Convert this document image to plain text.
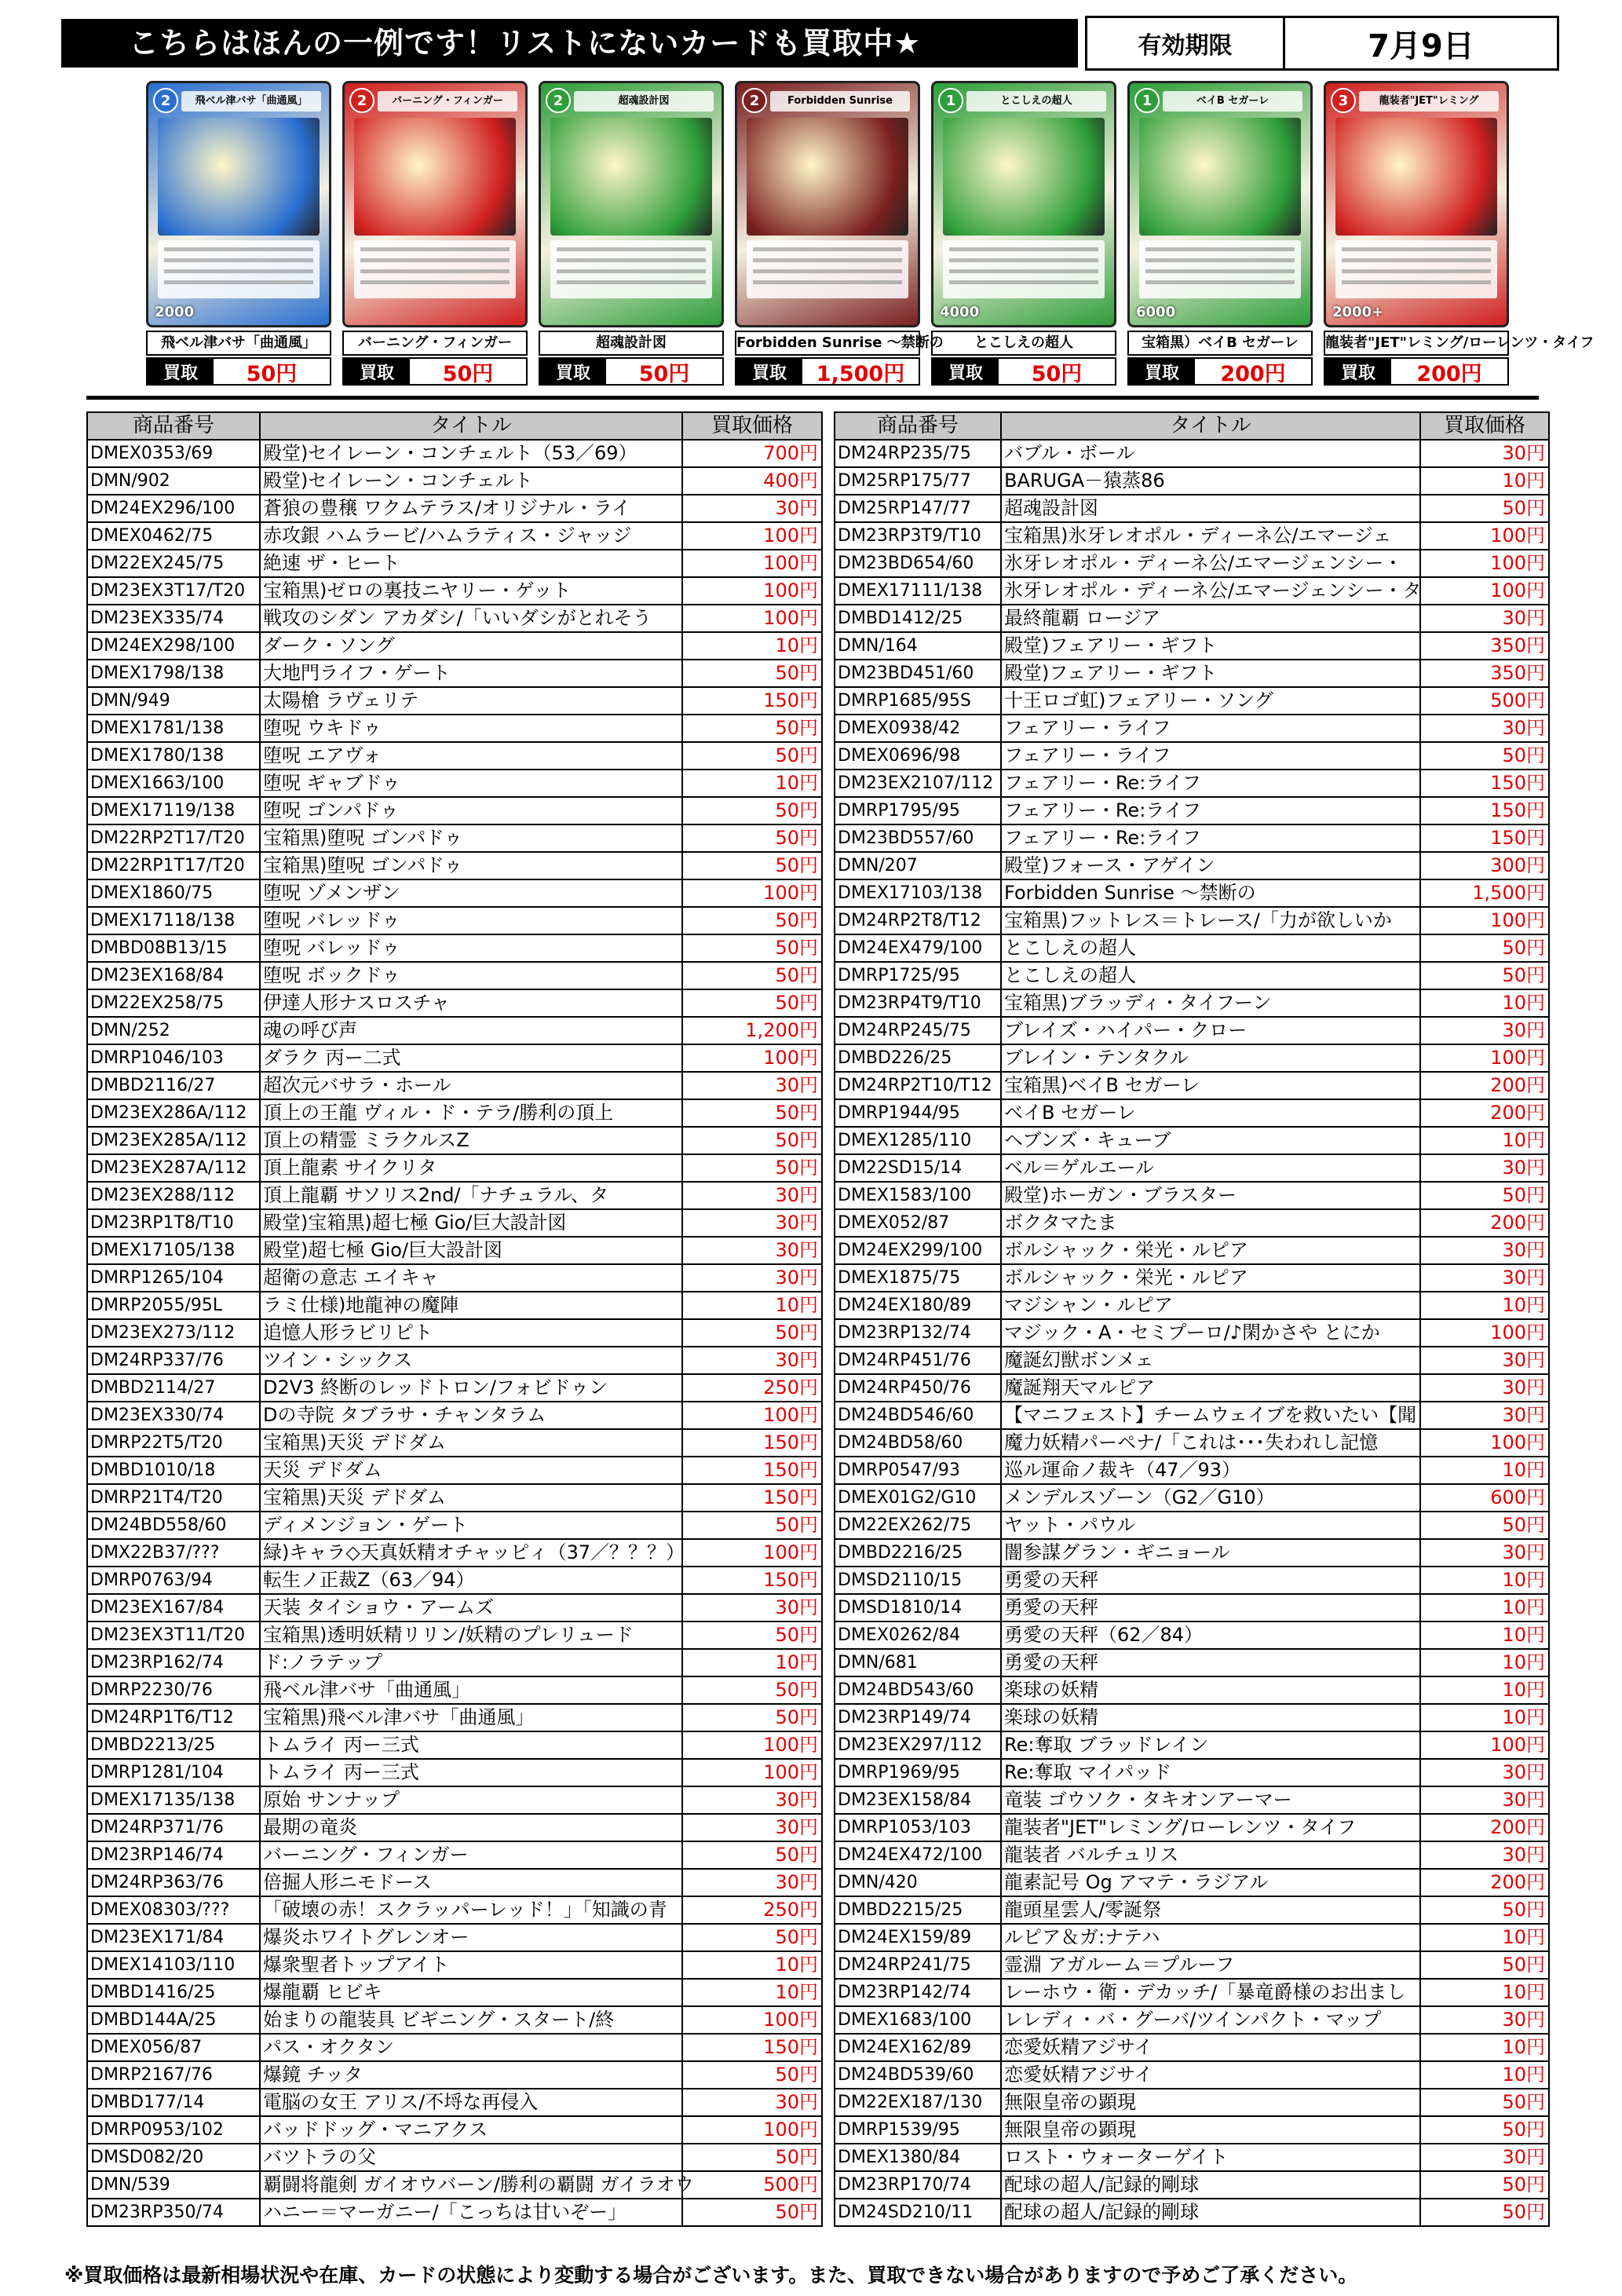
こちらはほんの一例です！リストにないカードも買取中★	有効期限	7月9日
2	飛ベル津バサ「曲通風」
2000
飛ベル津バサ「曲通風」
買取	50円
2	バーニング・フィンガー
バーニング・フィンガー
買取	50円
2	超魂設計図
超魂設計図
買取	50円
2	Forbidden Sunrise
Forbidden Sunrise ～禁断の
買取	1,500円
1	とこしえの超人
4000
とこしえの超人
買取	50円
1	ベイB セガーレ
6000
宝箱黒）ベイB セガーレ
買取	200円
3	龍装者"JET"レミング
2000+
龍装者"JET"レミング/ローレンツ・タイフ
買取	200円
商品番号	タイトル	買取価格
DMEX0353/69	殿堂)セイレーン・コンチェルト（53／69）	700円
DMN/902	殿堂)セイレーン・コンチェルト	400円
DM24EX296/100	蒼狼の豊穣 ワクムテラス/オリジナル・ライ	30円
DMEX0462/75	赤攻銀 ハムラービ/ハムラティス・ジャッジ	100円
DM22EX245/75	絶速 ザ・ヒート	100円
DM23EX3T17/T20	宝箱黒)ゼロの裏技ニヤリー・ゲット	100円
DM23EX335/74	戦攻のシダン アカダシ/「いいダシがとれそう	100円
DM24EX298/100	ダーク・ソング	10円
DMEX1798/138	大地門ライフ・ゲート	50円
DMN/949	太陽槍 ラヴェリテ	150円
DMEX1781/138	堕呪 ウキドゥ	50円
DMEX1780/138	堕呪 エアヴォ	50円
DMEX1663/100	堕呪 ギャブドゥ	10円
DMEX17119/138	堕呪 ゴンパドゥ	50円
DM22RP2T17/T20	宝箱黒)堕呪 ゴンパドゥ	50円
DM22RP1T17/T20	宝箱黒)堕呪 ゴンパドゥ	50円
DMEX1860/75	堕呪 ゾメンザン	100円
DMEX17118/138	堕呪 バレッドゥ	50円
DMBD08B13/15	堕呪 バレッドゥ	50円
DM23EX168/84	堕呪 ボックドゥ	50円
DM22EX258/75	伊達人形ナスロスチャ	50円
DMN/252	魂の呼び声	1,200円
DMRP1046/103	ダラク 丙ー二式	100円
DMBD2116/27	超次元バサラ・ホール	30円
DM23EX286A/112	頂上の王龍 ヴィル・ド・テラ/勝利の頂上	50円
DM23EX285A/112	頂上の精霊 ミラクルスZ	50円
DM23EX287A/112	頂上龍素 サイクリタ	50円
DM23EX288/112	頂上龍覇 サソリス2nd/「ナチュラル、タ	30円
DM23RP1T8/T10	殿堂)宝箱黒)超七極 Gio/巨大設計図	30円
DMEX17105/138	殿堂)超七極 Gio/巨大設計図	30円
DMRP1265/104	超衛の意志 エイキャ	30円
DMRP2055/95L	ラミ仕様)地龍神の魔陣	10円
DM23EX273/112	追憶人形ラビリピト	50円
DM24RP337/76	ツイン・シックス	30円
DMBD2114/27	D2V3 終断のレッドトロン/フォビドゥン	250円
DM23EX330/74	Dの寺院 タブラサ・チャンタラム	100円
DMRP22T5/T20	宝箱黒)天災 デドダム	150円
DMBD1010/18	天災 デドダム	150円
DMRP21T4/T20	宝箱黒)天災 デドダム	150円
DM24BD558/60	ディメンジョン・ゲート	50円
DMX22B37/???	緑)キャラ◇天真妖精オチャッピィ（37／？？？）	100円
DMRP0763/94	転生ノ正裁Z（63／94）	150円
DM23EX167/84	天装 タイショウ・アームズ	30円
DM23EX3T11/T20	宝箱黒)透明妖精リリン/妖精のプレリュード	50円
DM23RP162/74	ド:ノラテップ	10円
DMRP2230/76	飛ベル津バサ「曲通風」	50円
DM24RP1T6/T12	宝箱黒)飛ベル津バサ「曲通風」	50円
DMBD2213/25	トムライ 丙ー三式	100円
DMRP1281/104	トムライ 丙ー三式	100円
DMEX17135/138	原始 サンナップ	30円
DM24RP371/76	最期の竜炎	30円
DM23RP146/74	バーニング・フィンガー	50円
DM24RP363/76	倍掘人形ニモドース	30円
DMEX08303/???	「破壊の赤！スクラッパーレッド！」「知識の青	250円
DM23EX171/84	爆炎ホワイトグレンオー	50円
DMEX14103/110	爆衆聖者トップアイト	10円
DMBD1416/25	爆龍覇 ヒビキ	10円
DMBD144A/25	始まりの龍装具 ビギニング・スタート/終	100円
DMEX056/87	パス・オクタン	150円
DMRP2167/76	爆鏡 チッタ	50円
DMBD177/14	電脳の女王 アリス/不埒な再侵入	30円
DMRP0953/102	バッドドッグ・マニアクス	100円
DMSD082/20	バツトラの父	50円
DMN/539	覇闘将龍剣 ガイオウバーン/勝利の覇闘 ガイラオウ	500円
DM23RP350/74	ハニー＝マーガニー/「こっちは甘いぞー」	50円
商品番号	タイトル	買取価格
DM24RP235/75	バブル・ボール	30円
DM25RP175/77	BARUGA－猿蒸86	10円
DM25RP147/77	超魂設計図	50円
DM23RP3T9/T10	宝箱黒)氷牙レオポル・ディーネ公/エマージェ	100円
DM23BD654/60	氷牙レオポル・ディーネ公/エマージェンシー・	100円
DMEX17111/138	氷牙レオポル・ディーネ公/エマージェンシー・タ	100円
DMBD1412/25	最終龍覇 ロージア	30円
DMN/164	殿堂)フェアリー・ギフト	350円
DM23BD451/60	殿堂)フェアリー・ギフト	350円
DMRP1685/95S	十王ロゴ虹)フェアリー・ソング	500円
DMEX0938/42	フェアリー・ライフ	30円
DMEX0696/98	フェアリー・ライフ	50円
DM23EX2107/112	フェアリー・Re:ライフ	150円
DMRP1795/95	フェアリー・Re:ライフ	150円
DM23BD557/60	フェアリー・Re:ライフ	150円
DMN/207	殿堂)フォース・アゲイン	300円
DMEX17103/138	Forbidden Sunrise ～禁断の	1,500円
DM24RP2T8/T12	宝箱黒)フットレス＝トレース/「力が欲しいか	100円
DM24EX479/100	とこしえの超人	50円
DMRP1725/95	とこしえの超人	50円
DM23RP4T9/T10	宝箱黒)ブラッディ・タイフーン	10円
DM24RP245/75	ブレイズ・ハイパー・クロー	30円
DMBD226/25	ブレイン・テンタクル	100円
DM24RP2T10/T12	宝箱黒)ベイB セガーレ	200円
DMRP1944/95	ベイB セガーレ	200円
DMEX1285/110	ヘブンズ・キューブ	10円
DM22SD15/14	ベル＝ゲルエール	30円
DMEX1583/100	殿堂)ホーガン・ブラスター	50円
DMEX052/87	ボクタマたま	200円
DM24EX299/100	ボルシャック・栄光・ルピア	30円
DMEX1875/75	ボルシャック・栄光・ルピア	30円
DM24EX180/89	マジシャン・ルピア	10円
DM23RP132/74	マジック・A・セミプーロ/♪閑かさや とにか	100円
DM24RP451/76	魔誕幻獣ボンメェ	30円
DM24RP450/76	魔誕翔天マルピア	30円
DM24BD546/60	【マニフェスト】チームウェイブを救いたい【聞	30円
DM24BD58/60	魔力妖精パーペナ/「これは･･･失われし記憶	100円
DMRP0547/93	巡ル運命ノ裁キ（47／93）	10円
DMEX01G2/G10	メンデルスゾーン（G2／G10）	600円
DM22EX262/75	ヤット・パウル	50円
DMBD2216/25	闇参謀グラン・ギニョール	30円
DMSD2110/15	勇愛の天秤	10円
DMSD1810/14	勇愛の天秤	10円
DMEX0262/84	勇愛の天秤（62／84）	10円
DMN/681	勇愛の天秤	10円
DM24BD543/60	楽球の妖精	10円
DM23RP149/74	楽球の妖精	10円
DM23EX297/112	Re:奪取 ブラッドレイン	100円
DMRP1969/95	Re:奪取 マイパッド	30円
DM23EX158/84	竜装 ゴウソク・タキオンアーマー	30円
DMRP1053/103	龍装者"JET"レミング/ローレンツ・タイフ	200円
DM24EX472/100	龍装者 バルチュリス	30円
DMN/420	龍素記号 Og アマテ・ラジアル	200円
DMBD2215/25	龍頭星雲人/零誕祭	50円
DM24EX159/89	ルピア＆ガ:ナテハ	10円
DM24RP241/75	霊淵 アガルーム＝プルーフ	50円
DM23RP142/74	レーホウ・衛・デカッチ/「暴竜爵様のお出まし	10円
DMEX1683/100	レレディ・バ・グーバ/ツインパクト・マップ	30円
DM24EX162/89	恋愛妖精アジサイ	10円
DM24BD539/60	恋愛妖精アジサイ	10円
DM22EX187/130	無限皇帝の顕現	50円
DMRP1539/95	無限皇帝の顕現	50円
DMEX1380/84	ロスト・ウォーターゲイト	30円
DM23RP170/74	配球の超人/記録的剛球	50円
DM24SD210/11	配球の超人/記録的剛球	50円
※買取価格は最新相場状況や在庫、カードの状態により変動する場合がございます。また、買取できない場合がありますので予めご了承ください。
